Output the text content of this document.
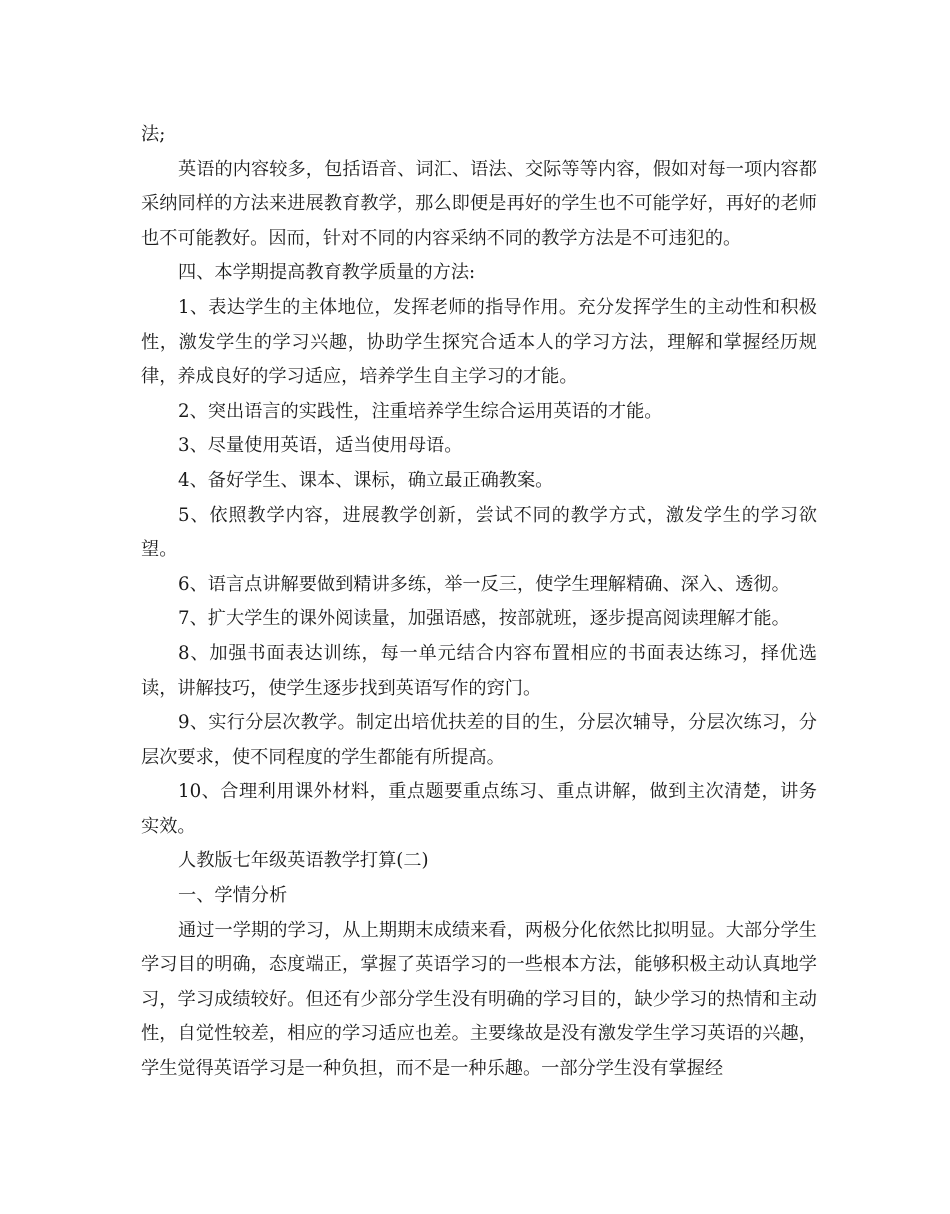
法;

英语的内容较多，包括语音、词汇、语法、交际等等内容，假如对每一项内容都采纳同样的方法来进展教育教学，那么即便是再好的学生也不可能学好，再好的老师也不可能教好。因而，针对不同的内容采纳不同的教学方法是不可违犯的。

四、本学期提高教育教学质量的方法:

1、表达学生的主体地位，发挥老师的指导作用。充分发挥学生的主动性和积极性，激发学生的学习兴趣，协助学生探究合适本人的学习方法，理解和掌握经历规律，养成良好的学习适应，培养学生自主学习的才能。

2、突出语言的实践性，注重培养学生综合运用英语的才能。

3、尽量使用英语，适当使用母语。

4、备好学生、课本、课标，确立最正确教案。

5、依照教学内容，进展教学创新，尝试不同的教学方式，激发学生的学习欲望。

6、语言点讲解要做到精讲多练，举一反三，使学生理解精确、深入、透彻。

7、扩大学生的课外阅读量，加强语感，按部就班，逐步提高阅读理解才能。

8、加强书面表达训练，每一单元结合内容布置相应的书面表达练习，择优选读，讲解技巧，使学生逐步找到英语写作的窍门。

9、实行分层次教学。制定出培优扶差的目的生，分层次辅导，分层次练习，分层次要求，使不同程度的学生都能有所提高。

10、合理利用课外材料，重点题要重点练习、重点讲解，做到主次清楚，讲务实效。

人教版七年级英语教学打算(二)

一、学情分析

通过一学期的学习，从上期期末成绩来看，两极分化依然比拟明显。大部分学生学习目的明确，态度端正，掌握了英语学习的一些根本方法，能够积极主动认真地学习，学习成绩较好。但还有少部分学生没有明确的学习目的，缺少学习的热情和主动性，自觉性较差，相应的学习适应也差。主要缘故是没有激发学生学习英语的兴趣，学生觉得英语学习是一种负担，而不是一种乐趣。一部分学生没有掌握经
